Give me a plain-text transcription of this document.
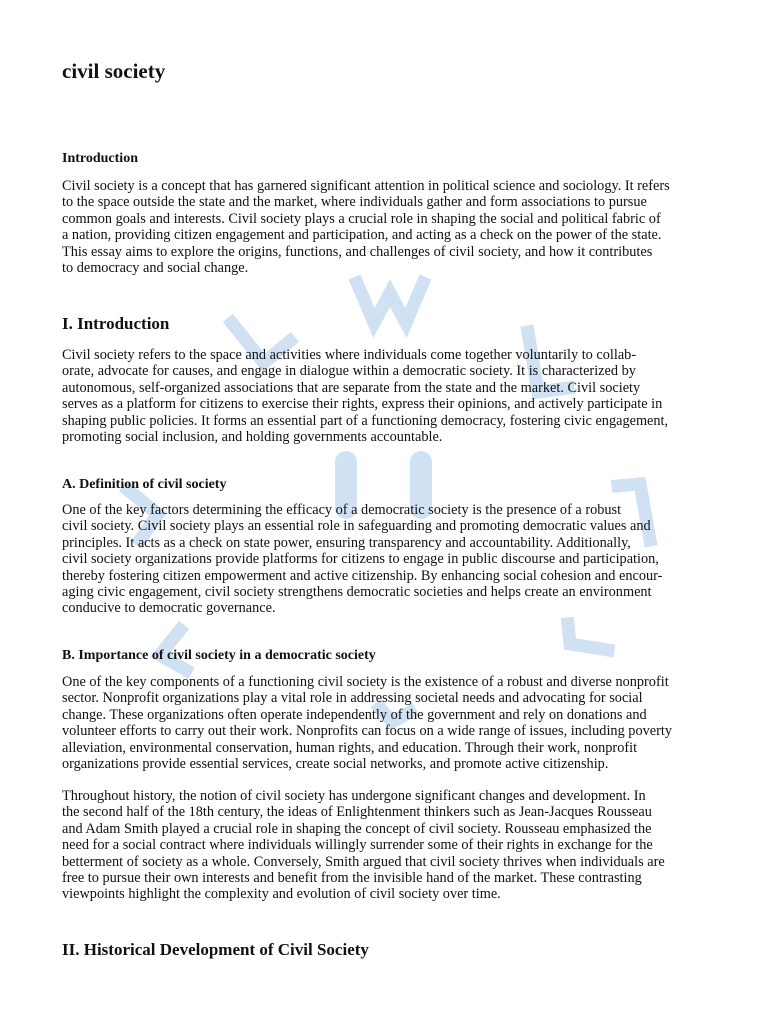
civil society
Introduction

Civil society is a concept that has garnered significant attention in political science and sociology. It refers
to the space outside the state and the market, where individuals gather and form associations to pursue
common goals and interests. Civil society plays a crucial role in shaping the social and political fabric of
a nation, providing citizen engagement and participation, and acting as a check on the power of the state.
This essay aims to explore the origins, functions, and challenges of civil society, and how it contributes
to democracy and social change.

I. Introduction

Civil society refers to the space and activities where individuals come together voluntarily to collab-
orate, advocate for causes, and engage in dialogue within a democratic society. It is characterized by
autonomous, self-organized associations that are separate from the state and the market. Civil society
serves as a platform for citizens to exercise their rights, express their opinions, and actively participate in
shaping public policies. It forms an essential part of a functioning democracy, fostering civic engagement,
promoting social inclusion, and holding governments accountable.

A. Definition of civil society

One of the key factors determining the efficacy of a democratic society is the presence of a robust
civil society. Civil society plays an essential role in safeguarding and promoting democratic values and
principles. It acts as a check on state power, ensuring transparency and accountability. Additionally,
civil society organizations provide platforms for citizens to engage in public discourse and participation,
thereby fostering citizen empowerment and active citizenship. By enhancing social cohesion and encour-
aging civic engagement, civil society strengthens democratic societies and helps create an environment
conducive to democratic governance.

B. Importance of civil society in a democratic society

One of the key components of a functioning civil society is the existence of a robust and diverse nonprofit
sector. Nonprofit organizations play a vital role in addressing societal needs and advocating for social
change. These organizations often operate independently of the government and rely on donations and
volunteer efforts to carry out their work. Nonprofits can focus on a wide range of issues, including poverty
alleviation, environmental conservation, human rights, and education. Through their work, nonprofit
organizations provide essential services, create social networks, and promote active citizenship.

Throughout history, the notion of civil society has undergone significant changes and development. In
the second half of the 18th century, the ideas of Enlightenment thinkers such as Jean-Jacques Rousseau
and Adam Smith played a crucial role in shaping the concept of civil society. Rousseau emphasized the
need for a social contract where individuals willingly surrender some of their rights in exchange for the
betterment of society as a whole. Conversely, Smith argued that civil society thrives when individuals are
free to pursue their own interests and benefit from the invisible hand of the market. These contrasting
viewpoints highlight the complexity and evolution of civil society over time.

II. Historical Development of Civil Society
